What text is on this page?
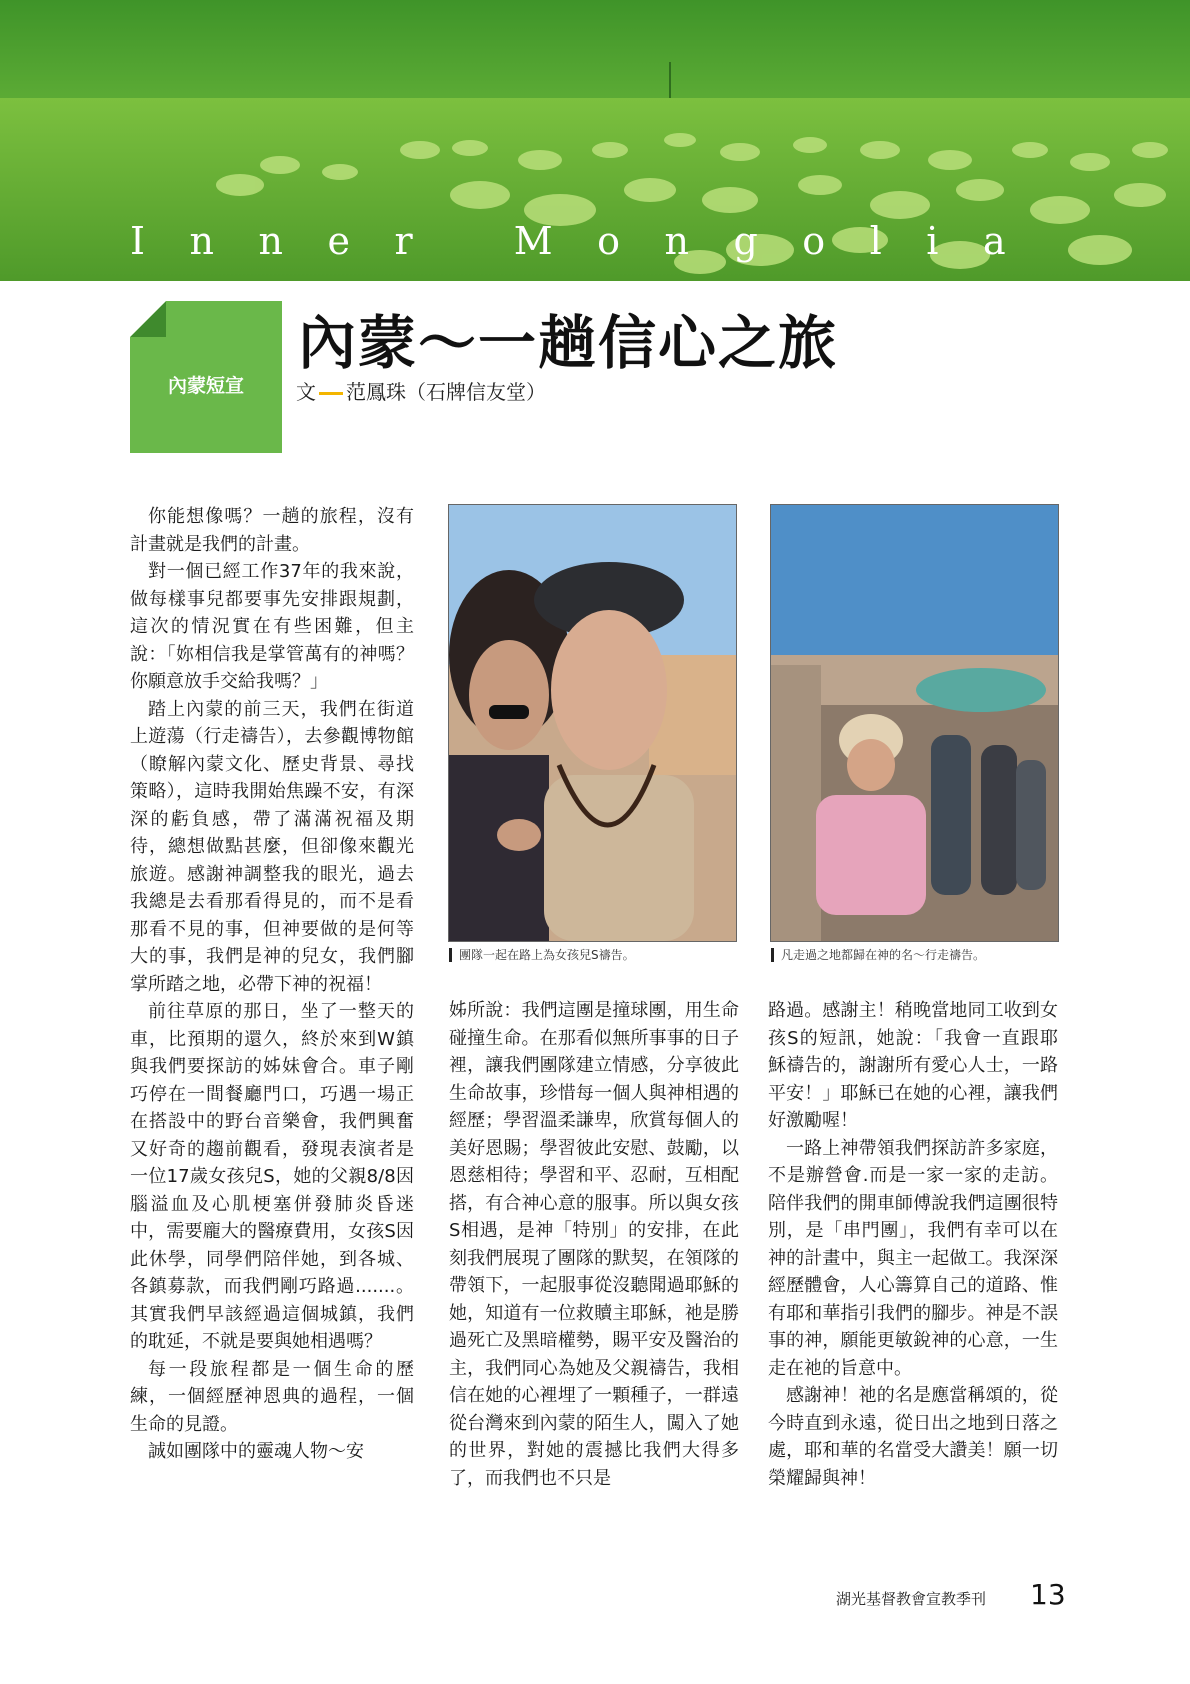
Inner Mongolia
內蒙短宣
內蒙～一趟信心之旅
文 范鳳珠（石牌信友堂）

你能想像嗎？一趟的旅程，沒有計畫就是我們的計畫。

對一個已經工作37年的我來說，做每樣事兒都要事先安排跟規劃，這次的情況實在有些困難，但主說：「妳相信我是掌管萬有的神嗎？你願意放手交給我嗎？」

踏上內蒙的前三天，我們在街道上遊蕩（行走禱告），去參觀博物館（瞭解內蒙文化、歷史背景、尋找策略），這時我開始焦躁不安，有深深的虧負感，帶了滿滿祝福及期待，總想做點甚麼，但卻像來觀光旅遊。感謝神調整我的眼光，過去我總是去看那看得見的，而不是看那看不見的事，但神要做的是何等大的事，我們是神的兒女，我們腳掌所踏之地，必帶下神的祝福！

前往草原的那日，坐了一整天的車，比預期的還久，終於來到W鎮與我們要探訪的姊妹會合。車子剛巧停在一間餐廳門口，巧遇一場正在搭設中的野台音樂會，我們興奮又好奇的趨前觀看，發現表演者是一位17歲女孩兒S，她的父親8/8因腦溢血及心肌梗塞併發肺炎昏迷中，需要龐大的醫療費用，女孩S因此休學，同學們陪伴她，到各城、各鎮募款，而我們剛巧路過.......。其實我們早該經過這個城鎮，我們的耽延，不就是要與她相遇嗎？

每一段旅程都是一個生命的歷練，一個經歷神恩典的過程，一個生命的見證。

誠如團隊中的靈魂人物～安

團隊一起在路上為女孩兒S禱告。	凡走過之地都歸在神的名～行走禱告。

姊所說：我們這團是撞球團，用生命碰撞生命。在那看似無所事事的日子裡，讓我們團隊建立情感，分享彼此生命故事，珍惜每一個人與神相遇的經歷；學習溫柔謙卑，欣賞每個人的美好恩賜；學習彼此安慰、鼓勵，以恩慈相待；學習和平、忍耐，互相配搭，有合神心意的服事。所以與女孩S相遇，是神「特別」的安排，在此刻我們展現了團隊的默契，在領隊的帶領下，一起服事從沒聽聞過耶穌的她，知道有一位救贖主耶穌，祂是勝過死亡及黑暗權勢，賜平安及醫治的主，我們同心為她及父親禱告，我相信在她的心裡埋了一顆種子，一群遠從台灣來到內蒙的陌生人，闖入了她的世界，對她的震撼比我們大得多了，而我們也不只是

路過。感謝主！稍晚當地同工收到女孩S的短訊，她說：「我會一直跟耶穌禱告的，謝謝所有愛心人士，一路平安！」耶穌已在她的心裡，讓我們好激勵喔！

一路上神帶領我們探訪許多家庭，不是辦營會.而是一家一家的走訪。陪伴我們的開車師傅說我們這團很特別，是「串門團」，我們有幸可以在神的計畫中，與主一起做工。我深深經歷體會，人心籌算自己的道路、惟有耶和華指引我們的腳步。神是不誤事的神，願能更敏銳神的心意，一生走在祂的旨意中。

感謝神！祂的名是應當稱頌的，從今時直到永遠，從日出之地到日落之處，耶和華的名當受大讚美！願一切榮耀歸與神！

湖光基督教會宣教季刊 13
